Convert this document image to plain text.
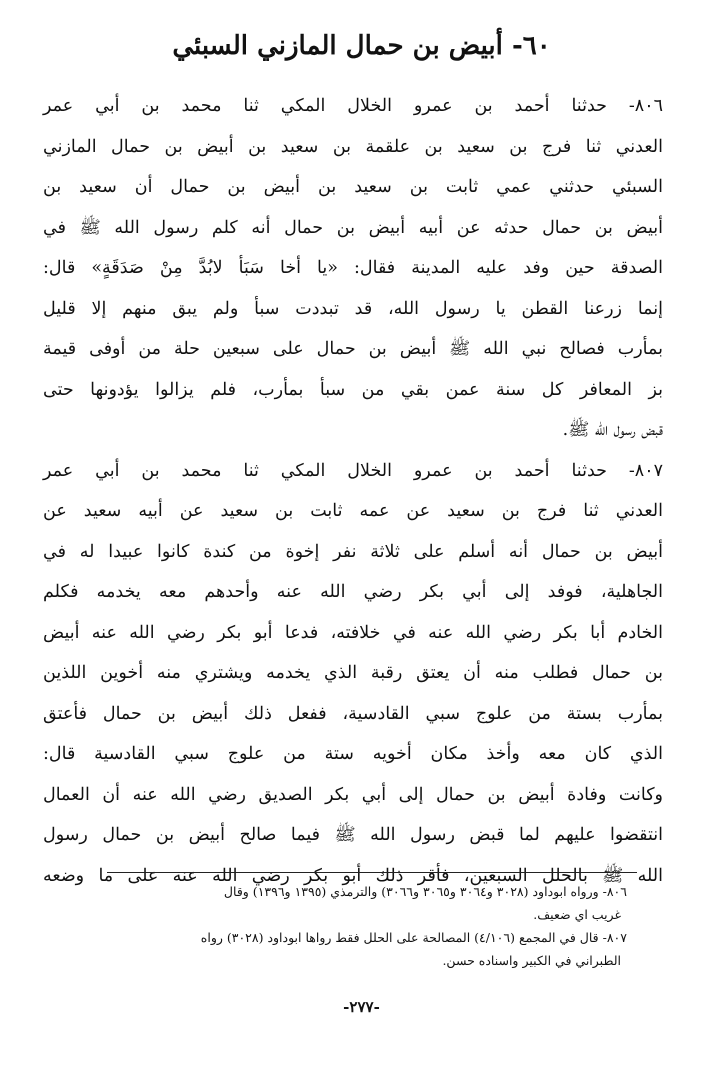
٦٠- أبيض بن حمال المازني السبئي
٨٠٦- حدثنا أحمد بن عمرو الخلال المكي ثنا محمد بن أبي عمر
العدني ثنا فرج بن سعيد بن علقمة بن سعيد بن أبيض بن حمال المازني
السبئي حدثني عمي ثابت بن سعيد بن أبيض بن حمال أن سعيد بن
أبيض بن حمال حدثه عن أبيه أبيض بن حمال أنه كلم رسول الله ﷺ في
الصدقة حين وفد عليه المدينة فقال: «يا أخا سَبَأ لابُدَّ مِنْ صَدَقَةٍ» قال:
إنما زرعنا القطن يا رسول الله، قد تبددت سبأ ولم يبق منهم إلا قليل
بمأرب فصالح نبي الله ﷺ أبيض بن حمال على سبعين حلة من أوفى قيمة
بز المعافر كل سنة عمن بقي من سبأ بمأرب، فلم يزالوا يؤدونها حتى
قبض رسول الله ﷺ.
٨٠٧- حدثنا أحمد بن عمرو الخلال المكي ثنا محمد بن أبي عمر
العدني ثنا فرج بن سعيد عن عمه ثابت بن سعيد عن أبيه سعيد عن
أبيض بن حمال أنه أسلم على ثلاثة نفر إخوة من كندة كانوا عبيدا له في
الجاهلية، فوفد إلى أبي بكر رضي الله عنه وأحدهم معه يخدمه فكلم
الخادم أبا بكر رضي الله عنه في خلافته، فدعا أبو بكر رضي الله عنه أبيض
بن حمال فطلب منه أن يعتق رقبة الذي يخدمه ويشتري منه أخوين اللذين
بمأرب بستة من علوج سبي القادسية، ففعل ذلك أبيض بن حمال فأعتق
الذي كان معه وأخذ مكان أخويه ستة من علوج سبي القادسية قال:
وكانت وفادة أبيض بن حمال إلى أبي بكر الصديق رضي الله عنه أن العمال
انتقضوا عليهم لما قبض رسول الله ﷺ فيما صالح أبيض بن حمال رسول
الله ﷺ بالحلل السبعين، فأقر ذلك أبو بكر رضي الله عنه على ما وضعه
٨٠٦- ورواه ابوداود (٣٠٢٨ و٣٠٦٤ و٣٠٦٥ و٣٠٦٦) والترمذي (١٣٩٥ و١٣٩٦) وقال
غريب اي ضعيف.
٨٠٧- قال في المجمع (٤/١٠٦) المصالحة على الحلل فقط رواها ابوداود (٣٠٢٨) رواه
الطبراني في الكبير واسناده حسن.
-٢٧٧-
